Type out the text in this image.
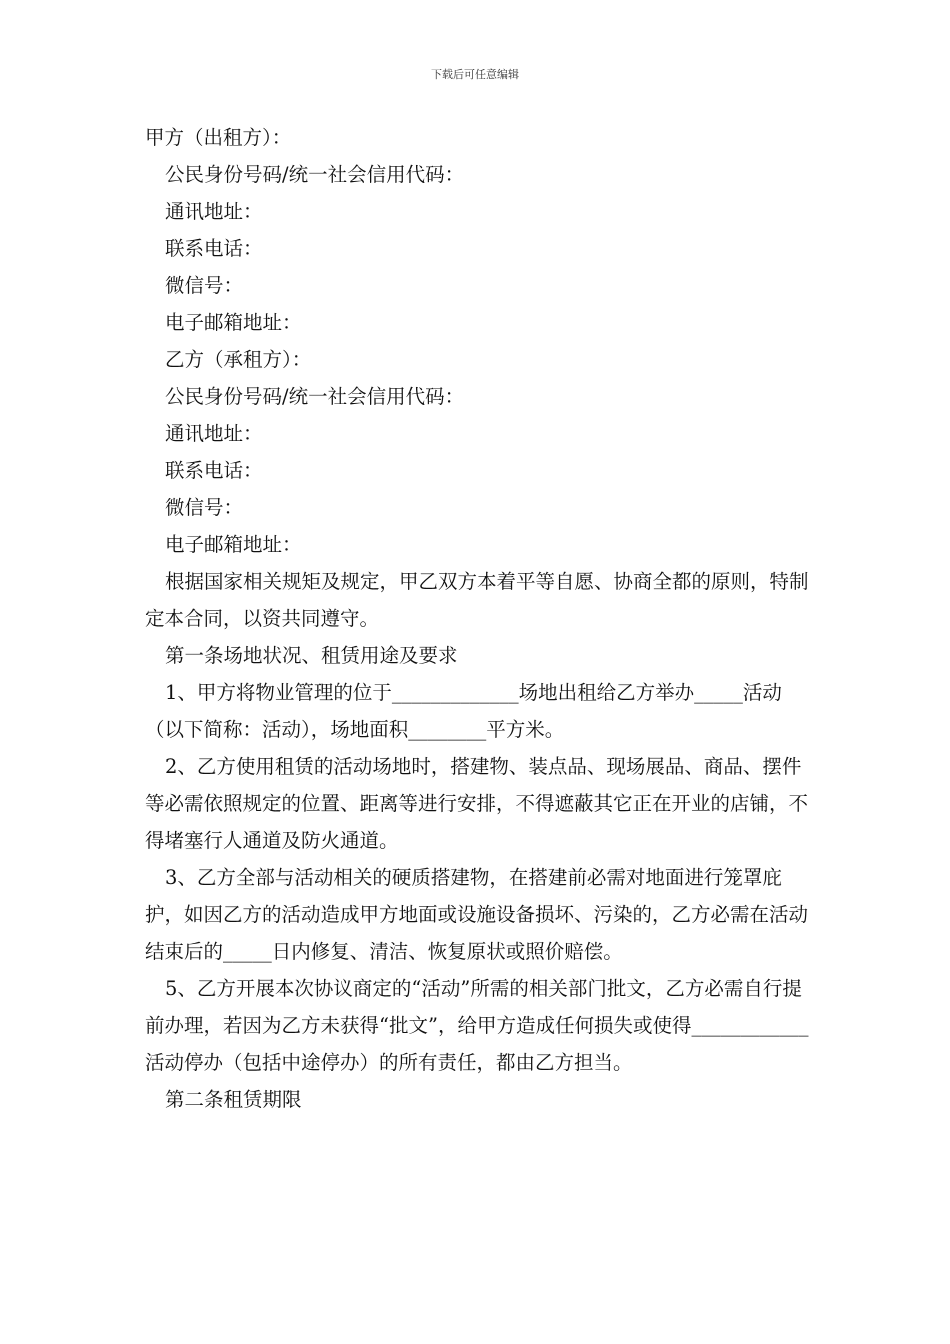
下载后可任意编辑

甲方（出租方）：

公民身份号码/统一社会信用代码：

通讯地址：

联系电话：

微信号：

电子邮箱地址：

乙方（承租方）：

公民身份号码/统一社会信用代码：

通讯地址：

联系电话：

微信号：

电子邮箱地址：

根据国家相关规矩及规定，甲乙双方本着平等自愿、协商全都的原则，特制定本合同，以资共同遵守。

第一条场地状况、租赁用途及要求

1、甲方将物业管理的位于_____________场地出租给乙方举办_____活动（以下简称：活动），场地面积________平方米。

2、乙方使用租赁的活动场地时，搭建物、装点品、现场展品、商品、摆件等必需依照规定的位置、距离等进行安排，不得遮蔽其它正在开业的店铺，不得堵塞行人通道及防火通道。

3、乙方全部与活动相关的硬质搭建物，在搭建前必需对地面进行笼罩庇护，如因乙方的活动造成甲方地面或设施设备损坏、污染的，乙方必需在活动结束后的_____日内修复、清洁、恢复原状或照价赔偿。

5、乙方开展本次协议商定的“活动”所需的相关部门批文，乙方必需自行提前办理，若因为乙方未获得“批文”，给甲方造成任何损失或使得____________活动停办（包括中途停办）的所有责任，都由乙方担当。

第二条租赁期限
